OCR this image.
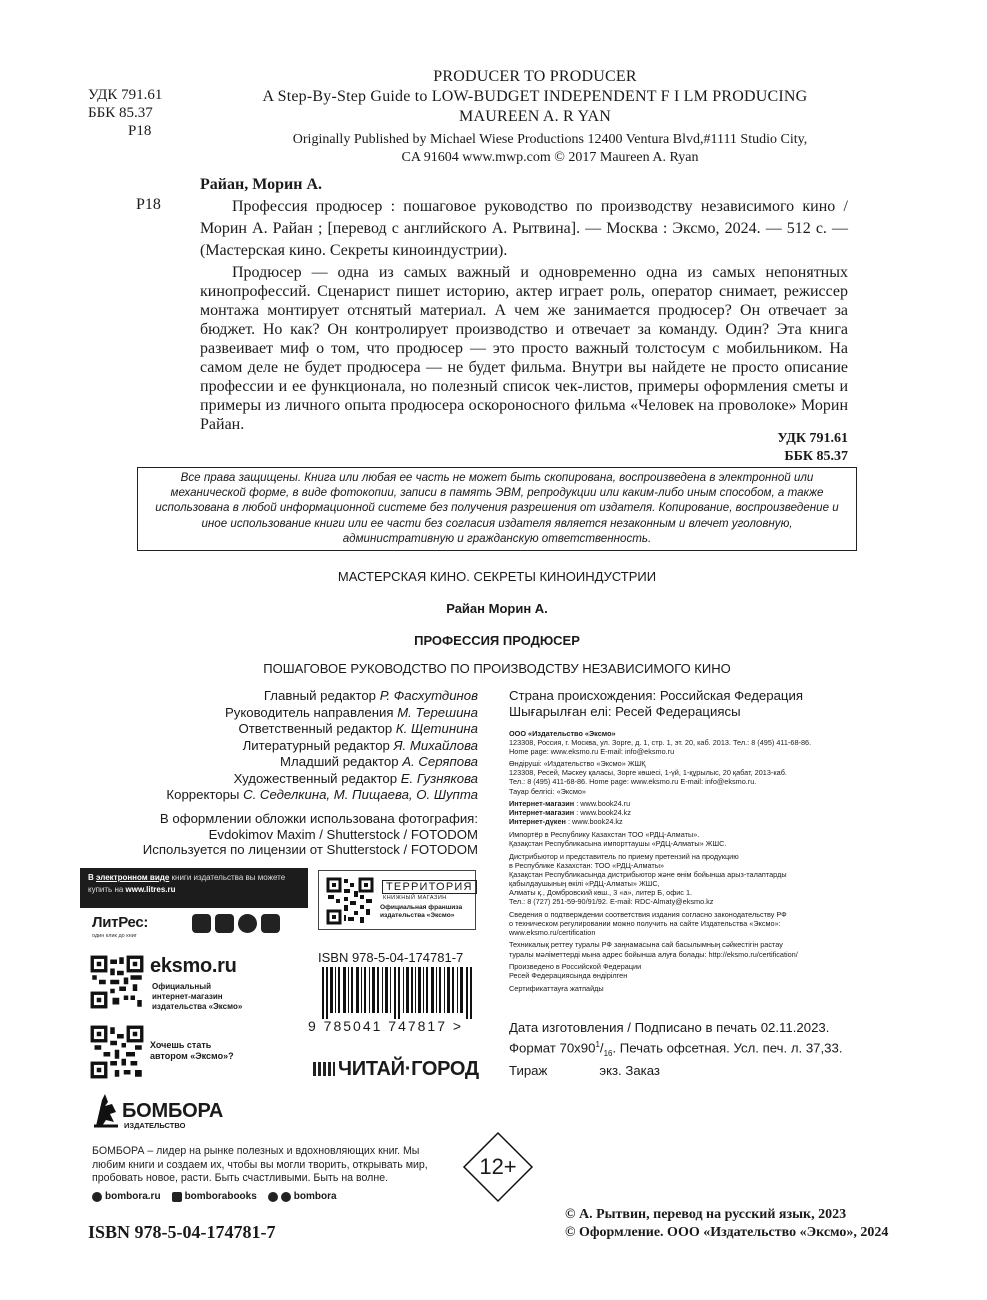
УДК 791.61
ББК 85.37
Р18
PRODUCER TO PRODUCER
A Step-By-Step Guide to LOW-BUDGET INDEPENDENT F I LM PRODUCING
MAUREEN A. R YAN
Originally Published by Michael Wiese Productions 12400 Ventura Blvd,#1111 Studio City,
CA 91604 www.mwp.com © 2017 Maureen A. Ryan
Райан, Морин А.
Р18	Профессия продюсер : пошаговое руководство по производству независимого кино / Морин А. Райан ; [перевод с английского А. Рытвина]. — Москва : Эксмо, 2024. — 512 с. — (Мастерская кино. Секреты киноиндустрии).
Продюсер — одна из самых важный и одновременно одна из самых непонятных кинопрофессий. Сценарист пишет историю, актер играет роль, оператор снимает, режиссер монтажа монтирует отснятый материал. А чем же занимается продюсер? Он отвечает за бюджет. Но как? Он контролирует производство и отвечает за команду. Один? Эта книга развеивает миф о том, что продюсер — это просто важный толстосум с мобильником. На самом деле не будет продюсера — не будет фильма. Внутри вы найдете не просто описание профессии и ее функционала, но полезный список чек-листов, примеры оформления сметы и примеры из личного опыта продюсера оскороносного фильма «Человек на проволоке» Морин Райан.
УДК 791.61
ББК 85.37
Все права защищены. Книга или любая ее часть не может быть скопирована, воспроизведена в электронной или механической форме, в виде фотокопии, записи в память ЭВМ, репродукции или каким-либо иным способом, а также использована в любой информационной системе без получения разрешения от издателя. Копирование, воспроизведение и иное использование книги или ее части без согласия издателя является незаконным и влечет уголовную, административную и гражданскую ответственность.
МАСТЕРСКАЯ КИНО. СЕКРЕТЫ КИНОИНДУСТРИИ
Райан Морин А.
ПРОФЕССИЯ ПРОДЮСЕР
ПОШАГОВОЕ РУКОВОДСТВО ПО ПРОИЗВОДСТВУ НЕЗАВИСИМОГО КИНО
Главный редактор Р. Фасхутдинов
Руководитель направления М. Терешина
Ответственный редактор К. Щетинина
Литературный редактор Я. Михайлова
Младший редактор А. Серяпова
Художественный редактор Е. Гузнякова
Корректоры С. Седелкина, М. Пищаева, О. Шупта
В оформлении обложки использована фотография:
Evdokimov Maxim / Shutterstock / FOTODOM
Используется по лицензии от Shutterstock / FOTODOM
Страна происхождения: Российская Федерация
Шығарылған елі: Ресей Федерациясы

ООО «Издательство «Эксмо»
123308, Россия, г. Москва, ул. Зорге, д. 1, стр. 1, эт. 20, каб. 2013. Тел.: 8 (495) 411-68-86.
Home page: www.eksmo.ru E-mail: info@eksmo.ru

Өндіруші: «Издательство «Эксмо» ЖШҚ
123308, Ресей, Мәскеу қаласы, Зорге көшесі, 1-үй, 1-құрылыс, 20 қабат, 2013-каб.
Тел.: 8 (495) 411-68-86. Home page: www.eksmo.ru E-mail: info@eksmo.ru.
Тауар белгісі: «Эксмо»

Интернет-магазин : www.book24.ru
Интернет-магазин : www.book24.kz
Интернет-дүкен : www.book24.kz

Импортёр в Республику Казахстан ТОО «РДЦ-Алматы».
Қазақстан Республикасына импорттаушы «РДЦ-Алматы» ЖШС.

Дистрибьютор и представитель по приему претензий на продукцию
в Республике Казахстан: ТОО «РДЦ-Алматы»
Қазақстан Республикасында дистрибьютор және өнім бойынша арыз-талаптарды
қабылдаушының өкілі «РДЦ-Алматы» ЖШС,
Алматы қ., Домбровский көш., 3 «а», литер Б, офис 1.
Тел.: 8 (727) 251-59-90/91/92. E-mail: RDC-Almaty@eksmo.kz

Сведения о подтверждении соответствия издания согласно законодательству РФ
о техническом регулировании можно получить на сайте Издательства «Эксмо»:
www.eksmo.ru/certification

Техникалық реттеу туралы РФ заңнамасына сай басылымның сәйкестігін растау
туралы мәліметтерді мына адрес бойынша алуға болады: http://eksmo.ru/certification/

Произведено в Российской Федерации
Ресей Федерациясында өндірілген

Сертификаттауға жатпайды

Дата изготовления / Подписано в печать 02.11.2023.
Формат $70x90^1/_{16}$. Печать офсетная. Усл. печ. л. 37,33.
Тираж	экз. Заказ
В электронном виде книги издательства вы можете купить на www.litres.ru
ЛитРес:
один клик до книг
ТЕРРИТОРИЯ
КНИЖНЫЙ МАГАЗИН
Официальная франшиза
издательства «Эксмо»
eksmo.ru
Официальный
интернет-магазин
издательства «Эксмо»
Хочешь стать
автором «Эксмо»?
ISBN 978-5-04-174781-7
9 785041 747817 >
ЧИТАЙ·ГОРОД
БОМБОРА
ИЗДАТЕЛЬСТВО
БОМБОРА – лидер на рынке полезных и вдохновляющих книг. Мы любим книги и создаем их, чтобы вы могли творить, открывать мир, пробовать новое, расти. Быть счастливыми. Быть на волне.
bombora.ru bomborabooks	bombora
12+
ISBN 978-5-04-174781-7
© А. Рытвин, перевод на русский язык, 2023
© Оформление. ООО «Издательство «Эксмо», 2024
